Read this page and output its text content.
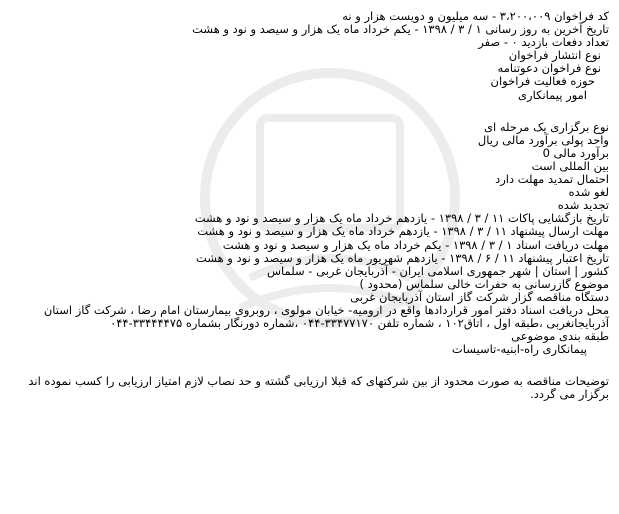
کد فراخوان ۳،۲۰۰،۰۰۹ - سه میلیون و دویست هزار و نه
تاریخ آخرین به روز رسانی ۱ / ۳ / ۱۳۹۸ - یکم خرداد ماه یک هزار و سیصد و نود و هشت
تعداد دفعات بازدید ۰ - صفر
نوع انتشار فراخوان
نوع فراخوان دعوتنامه
حوزه فعالیت فراخوان
امور پیمانکاری
نوع برگزاری یک مرحله ای
واحد پولی برآورد مالی ریال
برآورد مالی 0
بین المللی است
احتمال تمدید مهلت دارد
لغو شده
تجدید شده
تاریخ بازگشایی پاکات ۱۱ / ۳ / ۱۳۹۸ - یازدهم خرداد ماه یک هزار و سیصد و نود و هشت
مهلت ارسال پیشنهاد ۱۱ / ۳ / ۱۳۹۸ - یازدهم خرداد ماه یک هزار و سیصد و نود و هشت
مهلت دریافت اسناد ۱ / ۳ / ۱۳۹۸ - یکم خرداد ماه یک هزار و سیصد و نود و هشت
تاریخ اعتبار پیشنهاد ۱۱ / ۶ / ۱۳۹۸ - یازدهم شهریور ماه یک هزار و سیصد و نود و هشت
کشور | استان | شهر جمهوری اسلامی ایران - آذربایجان غربی - سلماس
موضوع گازرسانی به حفرات خالی سلماس (محدود )
دستگاه مناقصه گزار شرکت گاز استان آذربایجان غربی
محل دریافت اسناد دفتر امور قراردادها واقع در ارومیه- خیابان مولوی ، روبروی بیمارستان امام رضا ، شرکت گاز استان آذربایجانغربی ،طبقه اول ، اتاق۱۰۲ ، شماره تلفن ۳۳۴۷۷۱۷۰-۰۴۴ ،شماره دورنگار بشماره ۳۳۴۴۴۴۷۵-۰۴۴
طبقه بندی موضوعی
پیمانکاری راه-ابنیه-تاسیسات
توضیحات مناقصه به صورت محدود از بین شرکتهای که قبلا ارزیابی گشته و حد نصاب لازم امتیاز ارزیابی را کسب نموده اند برگزار می گردد.
